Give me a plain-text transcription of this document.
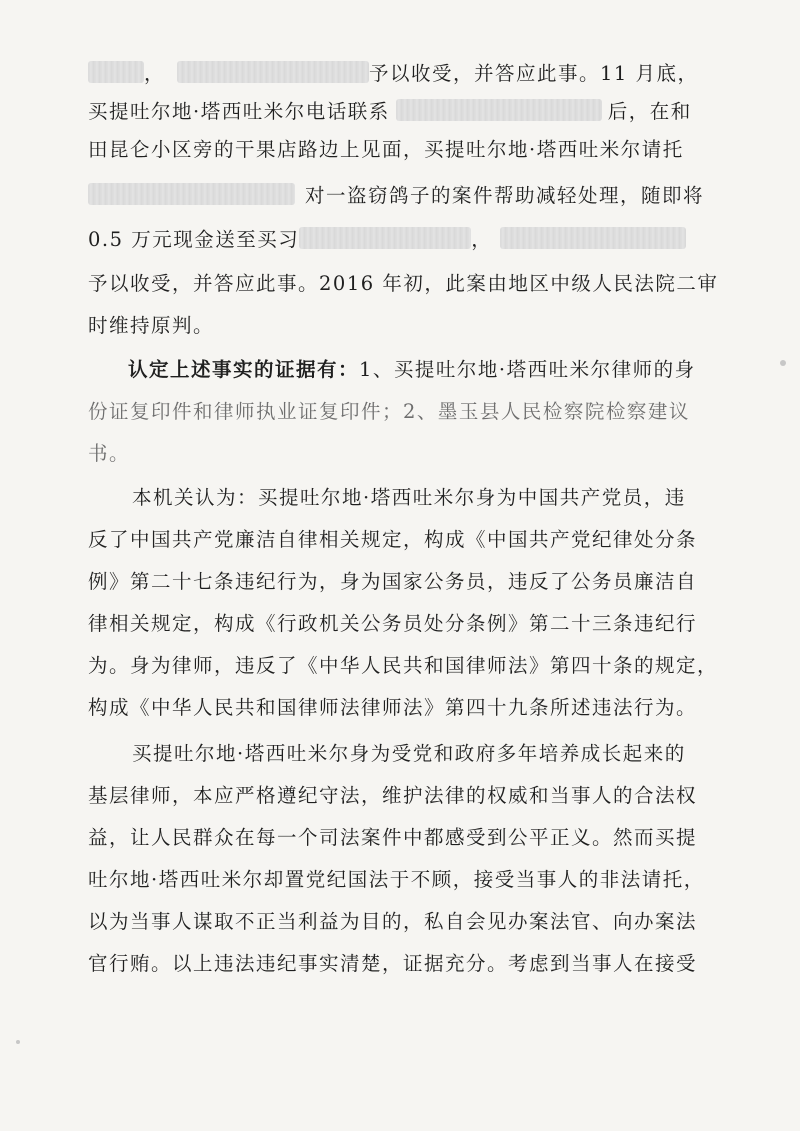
，	予以收受，并答应此事。11 月底，
买提吐尔地·塔西吐米尔电话联系	后，在和
田昆仑小区旁的干果店路边上见面，买提吐尔地·塔西吐米尔请托
对一盗窃鸽子的案件帮助减轻处理，随即将
0.5 万元现金送至买习	，
予以收受，并答应此事。2016 年初，此案由地区中级人民法院二审
时维持原判。
认定上述事实的证据有： 1、买提吐尔地·塔西吐米尔律师的身
份证复印件和律师执业证复印件；2、墨玉县人民检察院检察建议
书。
本机关认为：买提吐尔地·塔西吐米尔身为中国共产党员，违
反了中国共产党廉洁自律相关规定，构成《中国共产党纪律处分条
例》第二十七条违纪行为，身为国家公务员，违反了公务员廉洁自
律相关规定，构成《行政机关公务员处分条例》第二十三条违纪行
为。身为律师，违反了《中华人民共和国律师法》第四十条的规定，
构成《中华人民共和国律师法律师法》第四十九条所述违法行为。
买提吐尔地·塔西吐米尔身为受党和政府多年培养成长起来的
基层律师，本应严格遵纪守法，维护法律的权威和当事人的合法权
益，让人民群众在每一个司法案件中都感受到公平正义。然而买提
吐尔地·塔西吐米尔却置党纪国法于不顾，接受当事人的非法请托，
以为当事人谋取不正当利益为目的，私自会见办案法官、向办案法
官行贿。以上违法违纪事实清楚，证据充分。考虑到当事人在接受
